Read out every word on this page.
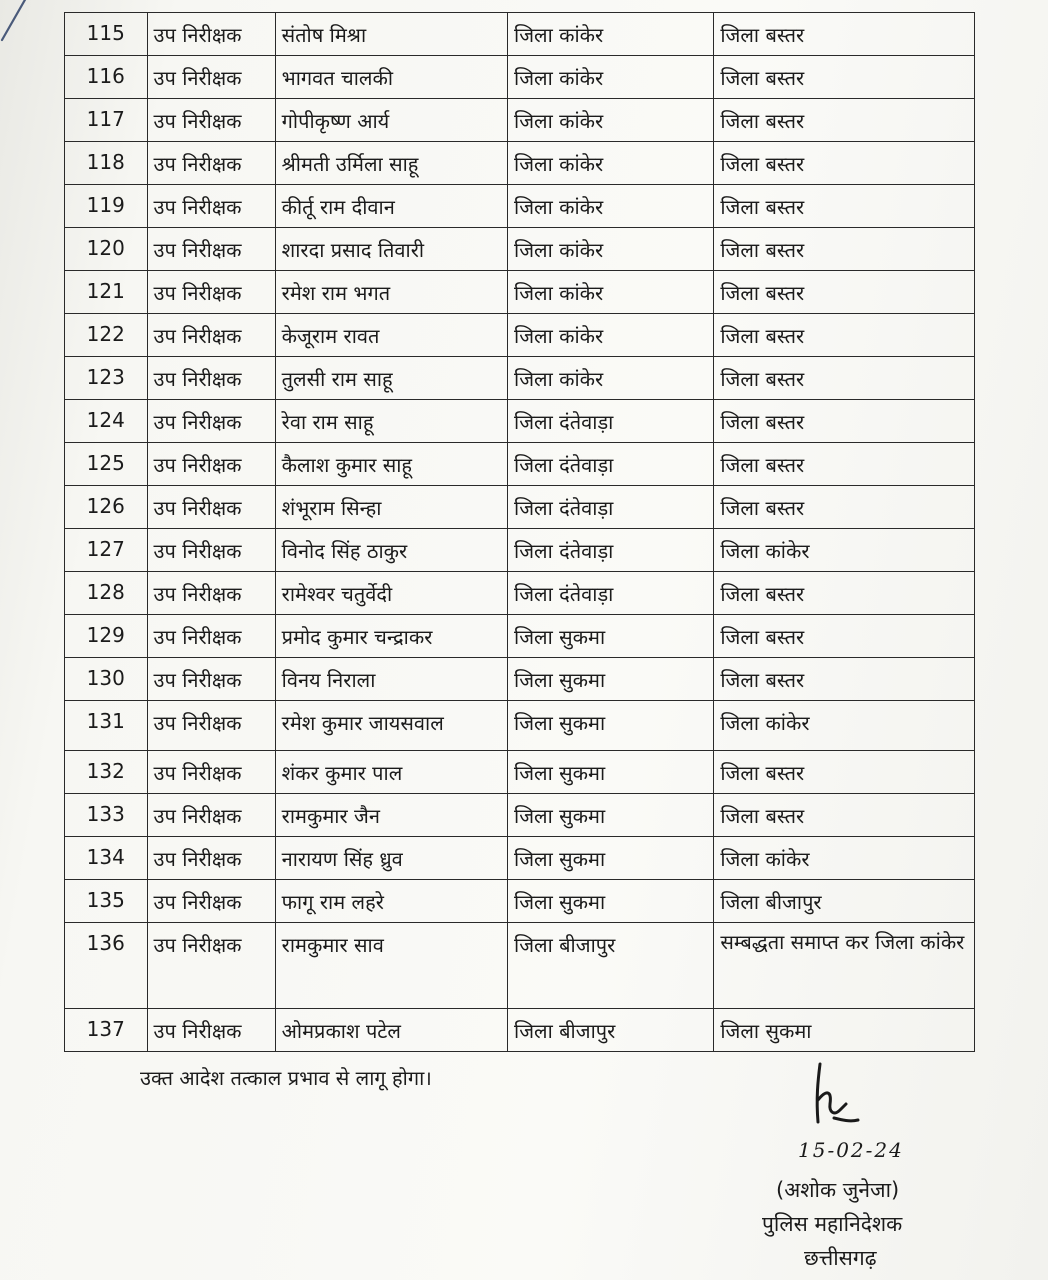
115	उप निरीक्षक	संतोष मिश्रा	जिला कांकेर	जिला बस्तर
116	उप निरीक्षक	भागवत चालकी	जिला कांकेर	जिला बस्तर
117	उप निरीक्षक	गोपीकृष्ण आर्य	जिला कांकेर	जिला बस्तर
118	उप निरीक्षक	श्रीमती उर्मिला साहू	जिला कांकेर	जिला बस्तर
119	उप निरीक्षक	कीर्तू राम दीवान	जिला कांकेर	जिला बस्तर
120	उप निरीक्षक	शारदा प्रसाद तिवारी	जिला कांकेर	जिला बस्तर
121	उप निरीक्षक	रमेश राम भगत	जिला कांकेर	जिला बस्तर
122	उप निरीक्षक	केजूराम रावत	जिला कांकेर	जिला बस्तर
123	उप निरीक्षक	तुलसी राम साहू	जिला कांकेर	जिला बस्तर
124	उप निरीक्षक	रेवा राम साहू	जिला दंतेवाड़ा	जिला बस्तर
125	उप निरीक्षक	कैलाश कुमार साहू	जिला दंतेवाड़ा	जिला बस्तर
126	उप निरीक्षक	शंभूराम सिन्हा	जिला दंतेवाड़ा	जिला बस्तर
127	उप निरीक्षक	विनोद सिंह ठाकुर	जिला दंतेवाड़ा	जिला कांकेर
128	उप निरीक्षक	रामेश्वर चतुर्वेदी	जिला दंतेवाड़ा	जिला बस्तर
129	उप निरीक्षक	प्रमोद कुमार चन्द्राकर	जिला सुकमा	जिला बस्तर
130	उप निरीक्षक	विनय निराला	जिला सुकमा	जिला बस्तर
131	उप निरीक्षक	रमेश कुमार जायसवाल	जिला सुकमा	जिला कांकेर
132	उप निरीक्षक	शंकर कुमार पाल	जिला सुकमा	जिला बस्तर
133	उप निरीक्षक	रामकुमार जैन	जिला सुकमा	जिला बस्तर
134	उप निरीक्षक	नारायण सिंह ध्रुव	जिला सुकमा	जिला कांकेर
135	उप निरीक्षक	फागू राम लहरे	जिला सुकमा	जिला बीजापुर
136	उप निरीक्षक	रामकुमार साव	जिला बीजापुर	सम्बद्धता समाप्त कर जिला कांकेर
137	उप निरीक्षक	ओमप्रकाश पटेल	जिला बीजापुर	जिला सुकमा
उक्त आदेश तत्काल प्रभाव से लागू होगा।
15-02-24
(अशोक जुनेजा)
पुलिस महानिदेशक
छत्तीसगढ़
